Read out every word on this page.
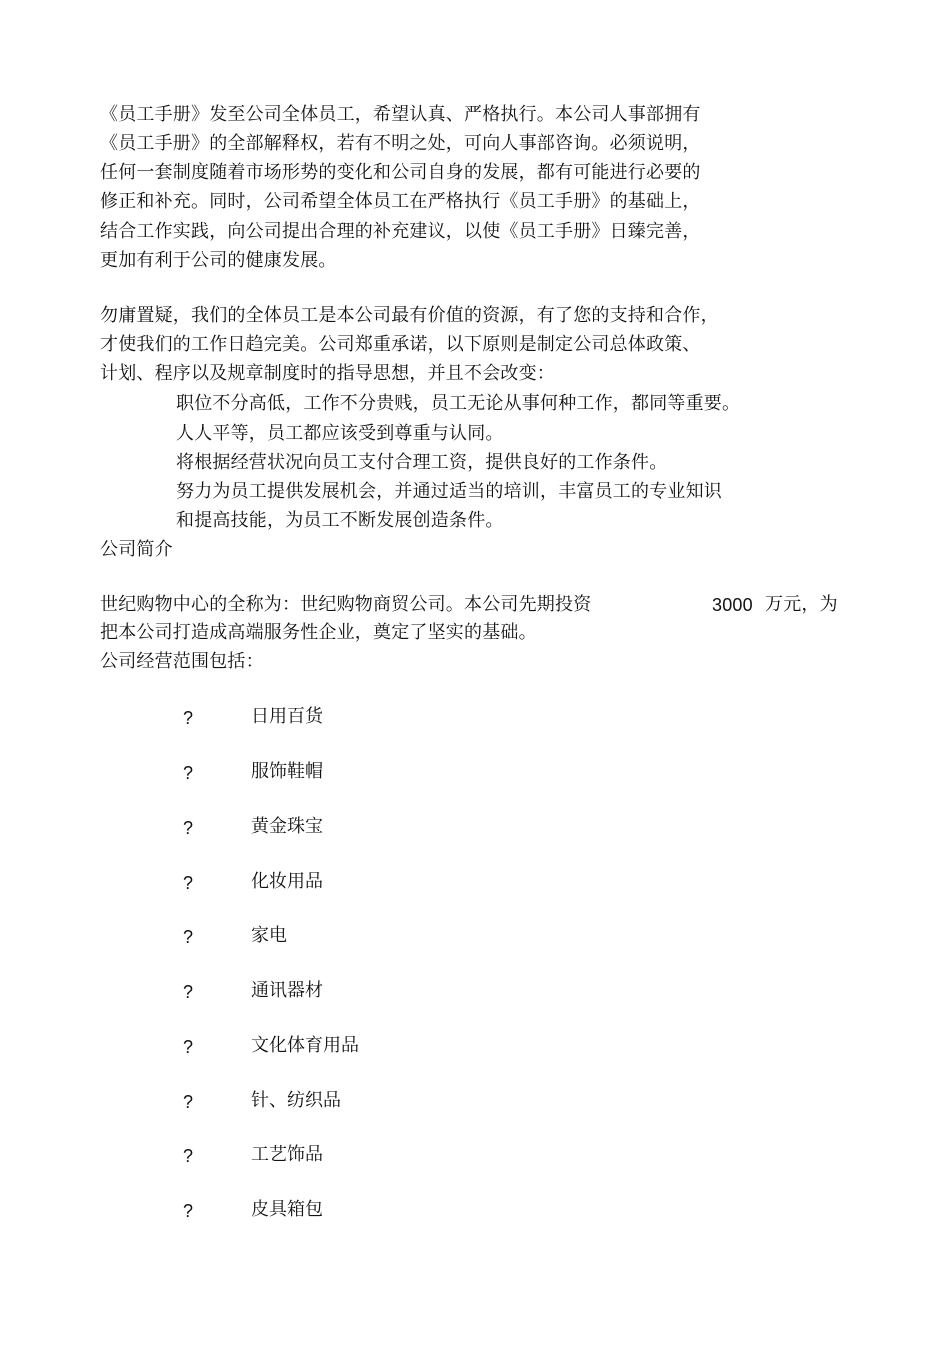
《员工手册》发至公司全体员工，希望认真、严格执行。本公司人事部拥有
《员工手册》的全部解释权，若有不明之处，可向人事部咨询。必须说明，
任何一套制度随着市场形势的变化和公司自身的发展，都有可能进行必要的
修正和补充。同时，公司希望全体员工在严格执行《员工手册》的基础上，
结合工作实践，向公司提出合理的补充建议，以使《员工手册》日臻完善，
更加有利于公司的健康发展。
勿庸置疑，我们的全体员工是本公司最有价值的资源，有了您的支持和合作，
才使我们的工作日趋完美。公司郑重承诺，以下原则是制定公司总体政策、
计划、程序以及规章制度时的指导思想，并且不会改变：
职位不分高低，工作不分贵贱，员工无论从事何种工作，都同等重要。
人人平等，员工都应该受到尊重与认同。
将根据经营状况向员工支付合理工资，提供良好的工作条件。
努力为员工提供发展机会，并通过适当的培训，丰富员工的专业知识
和提高技能，为员工不断发展创造条件。
公司简介
世纪购物中心的全称为：世纪购物商贸公司。本公司先期投资	3000 万元，为
把本公司打造成高端服务性企业，奠定了坚实的基础。
公司经营范围包括：
?	日用百货
?	服饰鞋帽
?	黄金珠宝
?	化妆用品
?	家电
?	通讯器材
?	文化体育用品
?	针、纺织品
?	工艺饰品
?	皮具箱包
